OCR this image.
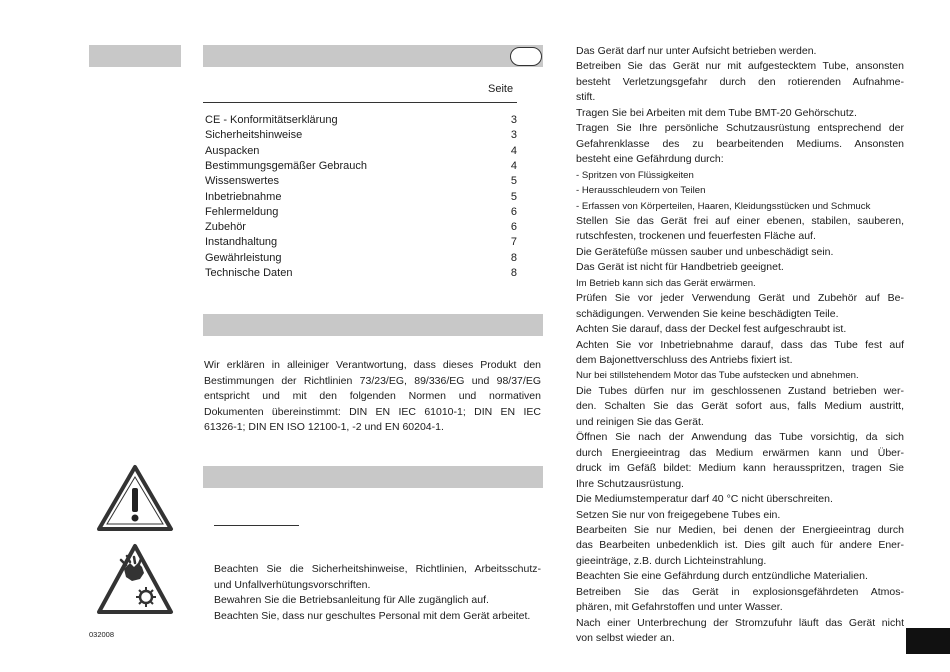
Seite
CE - Konformitätserklärung	3
Sicherheitshinweise	3
Auspacken	4
Bestimmungsgemäßer Gebrauch	4
Wissenswertes	5
Inbetriebnahme	5
Fehlermeldung	6
Zubehör	6
Instandhaltung	7
Gewährleistung	8
Technische Daten	8
Wir erklären in alleiniger Verantwortung, dass dieses Produkt den
Bestimmungen der Richtlinien 73/23/EG, 89/336/EG und 98/37/EG
entspricht und mit den folgenden Normen und normativen
Dokumenten übereinstimmt: DIN EN IEC 61010-1; DIN EN IEC
61326-1; DIN EN ISO 12100-1, -2 und EN 60204-1.
Beachten Sie die Sicherheitshinweise, Richtlinien, Arbeitsschutz-
und Unfallverhütungsvorschriften.
Bewahren Sie die Betriebsanleitung für Alle zugänglich auf.
Beachten Sie, dass nur geschultes Personal mit dem Gerät arbeitet.
032008
Das Gerät darf nur unter Aufsicht betrieben werden.
Betreiben Sie das Gerät nur mit aufgestecktem Tube, ansonsten
besteht Verletzungsgefahr durch den rotierenden Aufnahme-
stift.
Tragen Sie bei Arbeiten mit dem Tube BMT-20 Gehörschutz.
Tragen Sie Ihre persönliche Schutzausrüstung entsprechend der
Gefahrenklasse des zu bearbeitenden Mediums. Ansonsten
besteht eine Gefährdung durch:
- Spritzen von Flüssigkeiten
- Herausschleudern von Teilen
- Erfassen von Körperteilen, Haaren, Kleidungsstücken und Schmuck
Stellen Sie das Gerät frei auf einer ebenen, stabilen, sauberen,
rutschfesten, trockenen und feuerfesten Fläche auf.
Die Gerätefüße müssen sauber und unbeschädigt sein.
Das Gerät ist nicht für Handbetrieb geeignet.
Im Betrieb kann sich das Gerät erwärmen.
Prüfen Sie vor jeder Verwendung Gerät und Zubehör auf Be-
schädigungen. Verwenden Sie keine beschädigten Teile.
Achten Sie darauf, dass der Deckel fest aufgeschraubt ist.
Achten Sie vor Inbetriebnahme darauf, dass das Tube fest auf
dem Bajonettverschluss des Antriebs fixiert ist.
Nur bei stillstehendem Motor das Tube aufstecken und abnehmen.
Die Tubes dürfen nur im geschlossenen Zustand betrieben wer-
den. Schalten Sie das Gerät sofort aus, falls Medium austritt,
und reinigen Sie das Gerät.
Öffnen Sie nach der Anwendung das Tube vorsichtig, da sich
durch Energieeintrag das Medium erwärmen kann und Über-
druck im Gefäß bildet: Medium kann herausspritzen, tragen Sie
Ihre Schutzausrüstung.
Die Mediumstemperatur darf 40 °C nicht überschreiten.
Setzen Sie nur von freigegebene Tubes ein.
Bearbeiten Sie nur Medien, bei denen der Energieeintrag durch
das Bearbeiten unbedenklich ist. Dies gilt auch für andere Ener-
gieeinträge, z.B. durch Lichteinstrahlung.
Beachten Sie eine Gefährdung durch entzündliche Materialien.
Betreiben Sie das Gerät in explosionsgefährdeten Atmos-
phären, mit Gefahrstoffen und unter Wasser.
Nach einer Unterbrechung der Stromzufuhr läuft das Gerät nicht
von selbst wieder an.
